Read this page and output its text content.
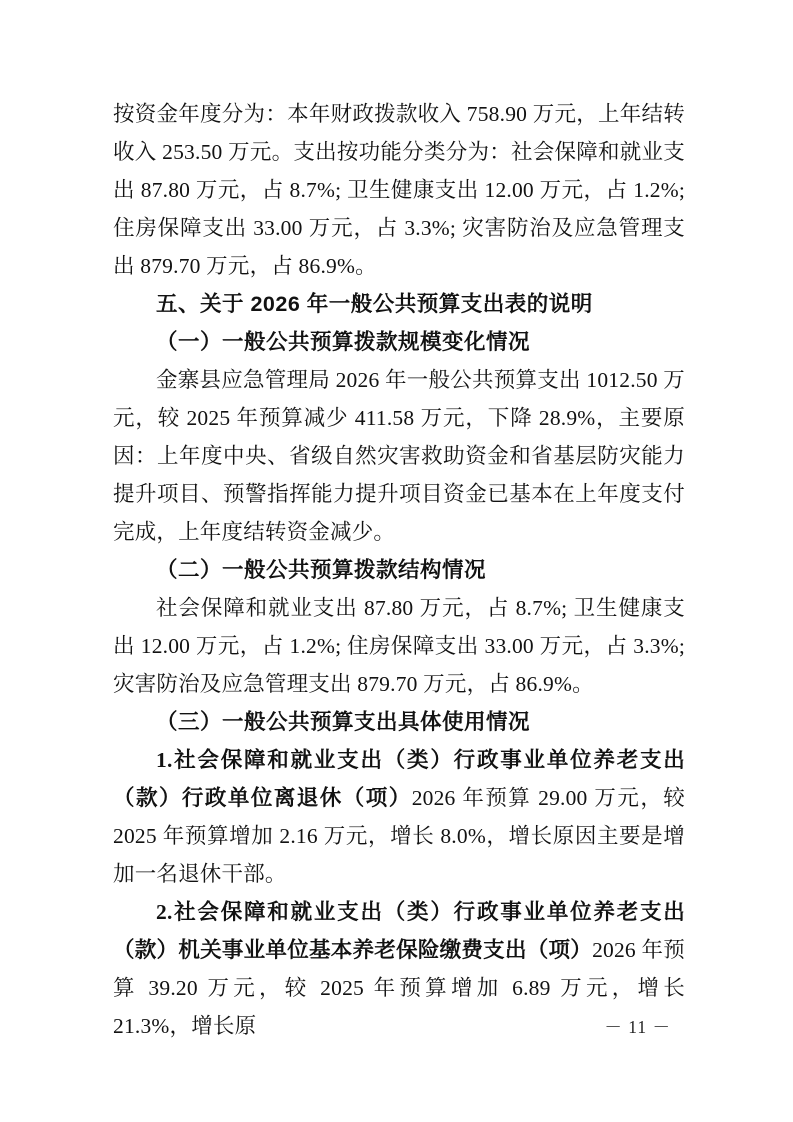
按资金年度分为：本年财政拨款收入 758.90 万元，上年结转收入 253.50 万元。支出按功能分类分为：社会保障和就业支出 87.80 万元，占 8.7%; 卫生健康支出 12.00 万元，占 1.2%; 住房保障支出 33.00 万元，占 3.3%; 灾害防治及应急管理支出 879.70 万元，占 86.9%。

五、关于 2026 年一般公共预算支出表的说明

（一）一般公共预算拨款规模变化情况

金寨县应急管理局 2026 年一般公共预算支出 1012.50 万元，较 2025 年预算减少 411.58 万元，下降 28.9%，主要原因：上年度中央、省级自然灾害救助资金和省基层防灾能力提升项目、预警指挥能力提升项目资金已基本在上年度支付完成，上年度结转资金减少。

（二）一般公共预算拨款结构情况

社会保障和就业支出 87.80 万元，占 8.7%; 卫生健康支出 12.00 万元，占 1.2%; 住房保障支出 33.00 万元，占 3.3%; 灾害防治及应急管理支出 879.70 万元，占 86.9%。

（三）一般公共预算支出具体使用情况

1.社会保障和就业支出（类）行政事业单位养老支出（款）行政单位离退休（项）2026 年预算 29.00 万元，较 2025 年预算增加 2.16 万元，增长 8.0%，增长原因主要是增加一名退休干部。

2.社会保障和就业支出（类）行政事业单位养老支出（款）机关事业单位基本养老保险缴费支出（项）2026 年预算 39.20 万元，较 2025 年预算增加 6.89 万元，增长 21.3%，增长原	－ 11 －
